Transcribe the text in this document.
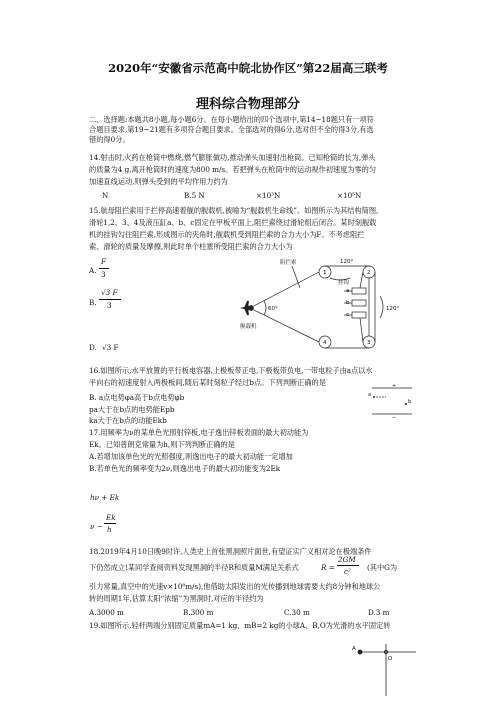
2020年“安徽省示范高中皖北协作区”第22届高三联考
理科综合物理部分
二、选择题:本题共8小题,每小题6分。在每小题给出的四个选项中,第14~18题只有一项符
合题目要求,第19~21题有多项符合题目要求。全部选对的得6分,选对但不全的得3分,有选
错的得0分。
14.射击时,火药在枪筒中燃烧,燃气膨胀做功,推动弹头加速射出枪筒。已知枪筒的长为,弹头
的质量为4 g,离开枪筒时的速度为800 m/s。若把弹头在枪筒中的运动视作初速度为零的匀
加速直线运动,则弹头受到的平均作用力约为
N	B.5 N	×10³N	×10⁵N
15.航母阻拦索用于拦停高速着舰的舰载机,被喻为“舰载机生命线”。如图所示为其结构简图,
滑轮1,2、3、4及液压缸a、b、c固定在甲板平面上,阻拦索绕过滑轮组后闭合。某时刻舰载
机的挂钩勾住阻拦索,形成图示的夹角时,舰载机受到阻拦索的合力大小为F。不考虑阻拦
索、滑轮的质量及摩擦,则此时单个柱塞所受阻拦索的合力大小为
A.
F
3
B.
√3 F
3
D. √3 F
阻拦索
舰载机
挂钩
60°
120°
120°
1	2
3
4
a
b
c
16.如图所示,水平放置的平行板电容器,上极板带正电,下极板带负电,一带电粒子由a点以水
平向右的初速度射入两极板间,随后某时刻粒子经过b点。下列判断正确的是
B. a点电势φa高于b点电势φb
pa大于在b点的电势能Epb
ka大于在b点的动能Ekb
+
a
b
−
17.用频率为ν的某单色光照射锌板,电子逸出锌板表面的最大初动能为
Ek。已知普朗克常量为h,则下列判断正确的是
A.若增加该单色光的光照强度,则逸出电子的最大初动能一定增加
B.若单色光的频率变为2ν,则逸出电子的最大初动能变为2Ek
hν + Ek
ν −
Ek
h
18.2019年4月10日晚9时许,人类史上首张黑洞照片面世,有望证实广义相对论在极端条件
下仍然成立!某同学查阅资料发现黑洞的半径R和质量M满足关系式	R =
2GM
c² (其中G为
引力常量,真空中的光速v×10⁸m/s),他借助太阳发出的光传播到地球需要大约8分钟和地球公
转的周期1年,估算太阳“浓缩”为黑洞时,对应的半径约为
A.3000 m	B.300 m	C.30 m	D.3 m
19.如图所示,轻杆两端分别固定质量mA=1 kg、mB=2 kg的小球A、B,O为光滑的水平固定转
A
O
